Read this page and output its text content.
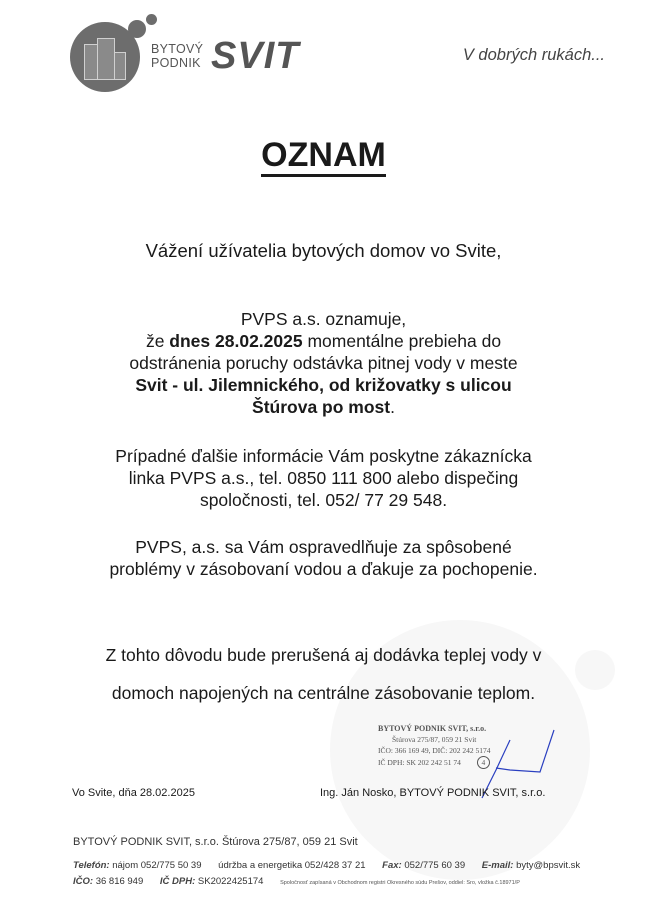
BYTOVÝ
PODNIK SVIT	V dobrých rukách...
OZNAM
Vážení užívatelia bytových domov vo Svite,
PVPS a.s. oznamuje,
že dnes 28.02.2025 momentálne prebieha do
odstránenia poruchy odstávka pitnej vody v meste
Svit - ul. Jilemnického, od križovatky s ulicou
Štúrova po most.
Prípadné ďalšie informácie Vám poskytne zákaznícka
linka PVPS a.s., tel. 0850 111 800 alebo dispečing
spoločnosti, tel. 052/ 77 29 548.
PVPS, a.s. sa Vám ospravedlňuje za spôsobené
problémy v zásobovaní vodou a ďakuje za pochopenie.
Z tohto dôvodu bude prerušená aj dodávka teplej vody v
domoch napojených na centrálne zásobovanie teplom.
BYTOVÝ PODNIK SVIT, s.r.o.
Štúrova 275/87, 059 21 Svit
IČO: 366 169 49, DIČ: 202 242 5174
IČ DPH: SK 202 242 51 74	4
Vo Svite, dňa 28.02.2025	Ing. Ján Nosko, BYTOVÝ PODNIK SVIT, s.r.o.
BYTOVÝ PODNIK SVIT, s.r.o. Štúrova 275/87, 059 21 Svit
Telefón: nájom 052/775 50 39 údržba a energetika 052/428 37 21 Fax: 052/775 60 39 E-mail: byty@bpsvit.sk
IČO: 36 816 949 IČ DPH: SK2022425174	Spoločnosť zapísaná v Obchodnom registri Okresného súdu Prešov, oddiel: Sro, vložka č.18971/P
